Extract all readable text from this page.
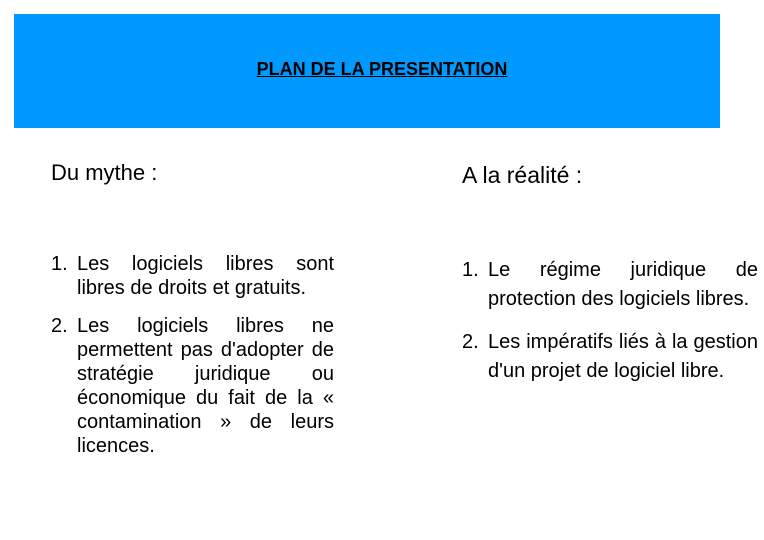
PLAN DE LA PRESENTATION
Du mythe :	A la réalité :
1. Les logiciels libres sont libres de droits et gratuits.
2. Les logiciels libres ne permettent pas d'adopter de stratégie juridique ou économique du fait de la « contamination » de leurs licences.
1. Le régime juridique de protection des logiciels libres.
2. Les impératifs liés à la gestion d'un projet de logiciel libre.
